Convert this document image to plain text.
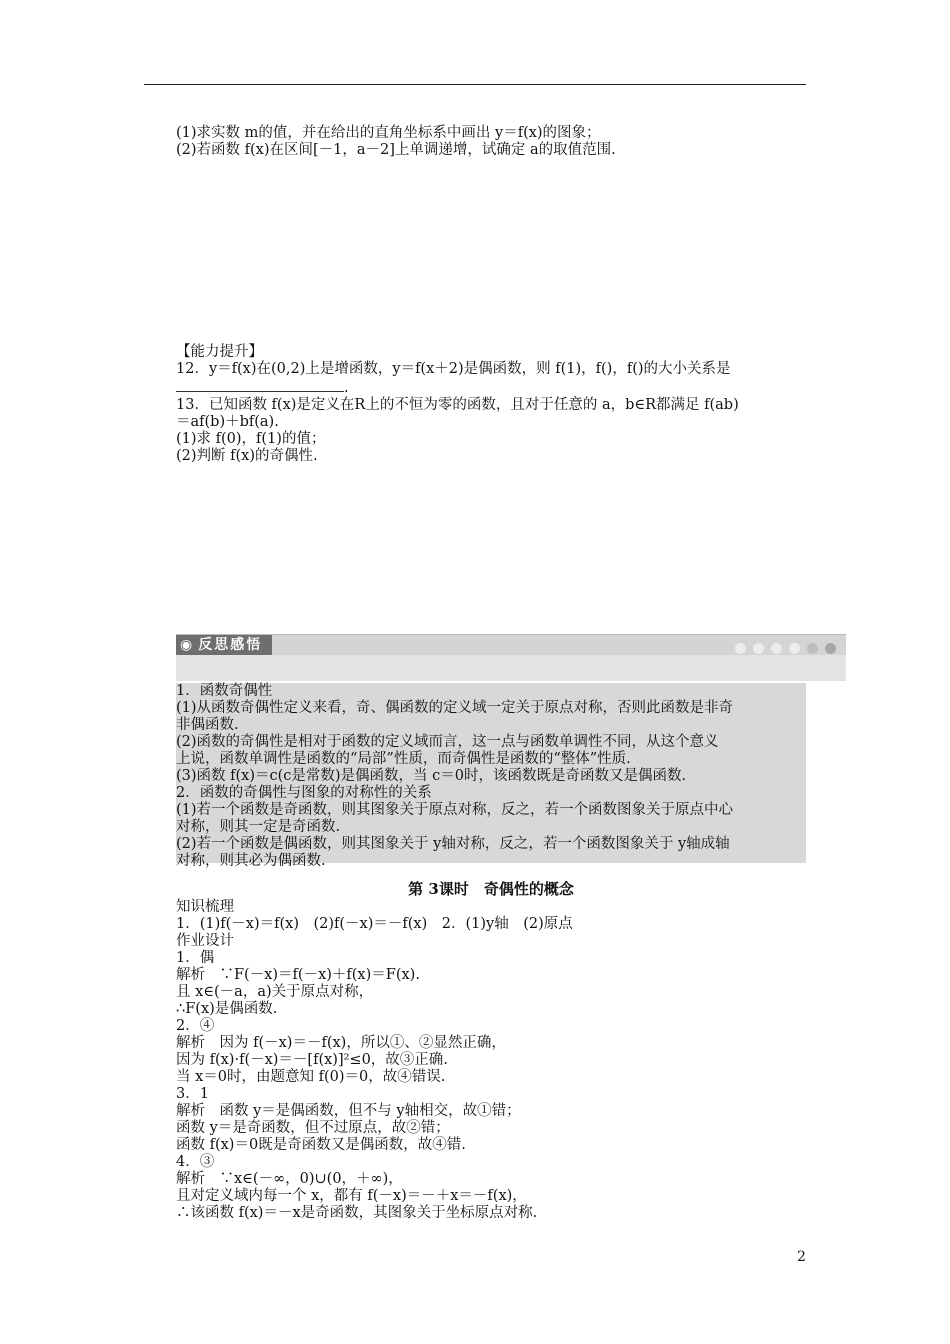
(1)求实数 m的值，并在给出的直角坐标系中画出 y＝f(x)的图象；
(2)若函数 f(x)在区间[－1，a－2]上单调递增，试确定 a的取值范围.
【能力提升】
12．y＝f(x)在(0,2)上是增函数，y＝f(x＋2)是偶函数，则 f(1)，f()，f()的大小关系是
.
13．已知函数 f(x)是定义在R上的不恒为零的函数，且对于任意的 a，b∈R都满足 f(ab)
＝af(b)＋bf(a).
(1)求 f(0)，f(1)的值；
(2)判断 f(x)的奇偶性.
◉ 反思感悟
1．函数奇偶性
(1)从函数奇偶性定义来看，奇、偶函数的定义域一定关于原点对称，否则此函数是非奇
非偶函数.
(2)函数的奇偶性是相对于函数的定义域而言，这一点与函数单调性不同，从这个意义
上说，函数单调性是函数的“局部”性质，而奇偶性是函数的“整体”性质.
(3)函数 f(x)＝c(c是常数)是偶函数，当 c＝0时，该函数既是奇函数又是偶函数.
2．函数的奇偶性与图象的对称性的关系
(1)若一个函数是奇函数，则其图象关于原点对称，反之，若一个函数图象关于原点中心
对称，则其一定是奇函数.
(2)若一个函数是偶函数，则其图象关于 y轴对称，反之，若一个函数图象关于 y轴成轴
对称，则其必为偶函数.
第 3课时　奇偶性的概念
知识梳理
1．(1)f(－x)＝f(x)　(2)f(－x)＝－f(x)　2．(1)y轴　(2)原点
作业设计
1．偶
解析　∵F(－x)＝f(－x)＋f(x)＝F(x).
且 x∈(－a，a)关于原点对称，
∴F(x)是偶函数.
2．④
解析　因为 f(－x)＝－f(x)，所以①、②显然正确，
因为 f(x)·f(－x)＝－[f(x)]²≤0，故③正确.
当 x＝0时，由题意知 f(0)＝0，故④错误.
3．1
解析　函数 y＝是偶函数，但不与 y轴相交，故①错；
函数 y＝是奇函数，但不过原点，故②错；
函数 f(x)＝0既是奇函数又是偶函数，故④错.
4．③
解析　∵x∈(－∞，0)∪(0，＋∞)，
且对定义域内每一个 x，都有 f(－x)＝－＋x＝－f(x)，
∴该函数 f(x)＝－x是奇函数，其图象关于坐标原点对称.
2
